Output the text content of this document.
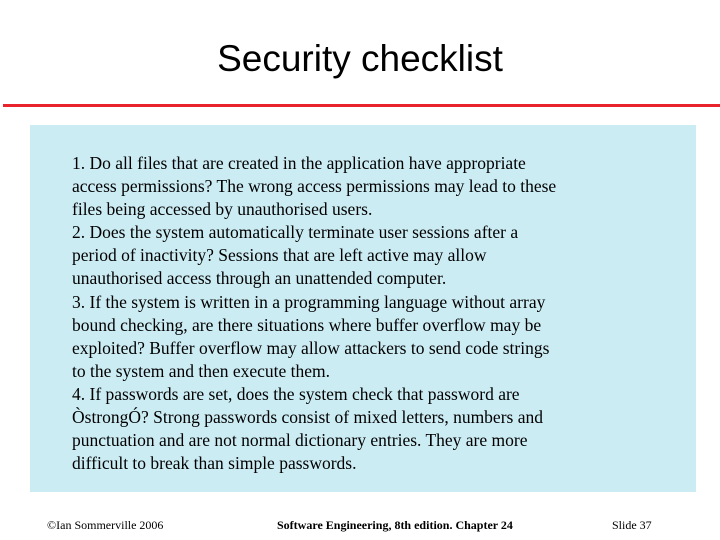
Security checklist
1. Do all files that are created in the application have appropriate
access permissions? The wrong access permissions may lead to these
files being accessed by unauthorised users.
2. Does the system automatically terminate user sessions after a
period of inactivity? Sessions that are left active may allow
unauthorised access through an unattended computer.
3. If the system is written in a programming language without array
bound checking, are there situations where buffer overflow may be
exploited? Buffer overflow may allow attackers to send code strings
to the system and then execute them.
4. If passwords are set, does the system check that password are
ÒstrongÓ? Strong passwords consist of mixed letters, numbers and
punctuation and are not normal dictionary entries. They are more
difficult to break than simple passwords.
©Ian Sommerville 2006	Software Engineering, 8th edition. Chapter 24	Slide 37
